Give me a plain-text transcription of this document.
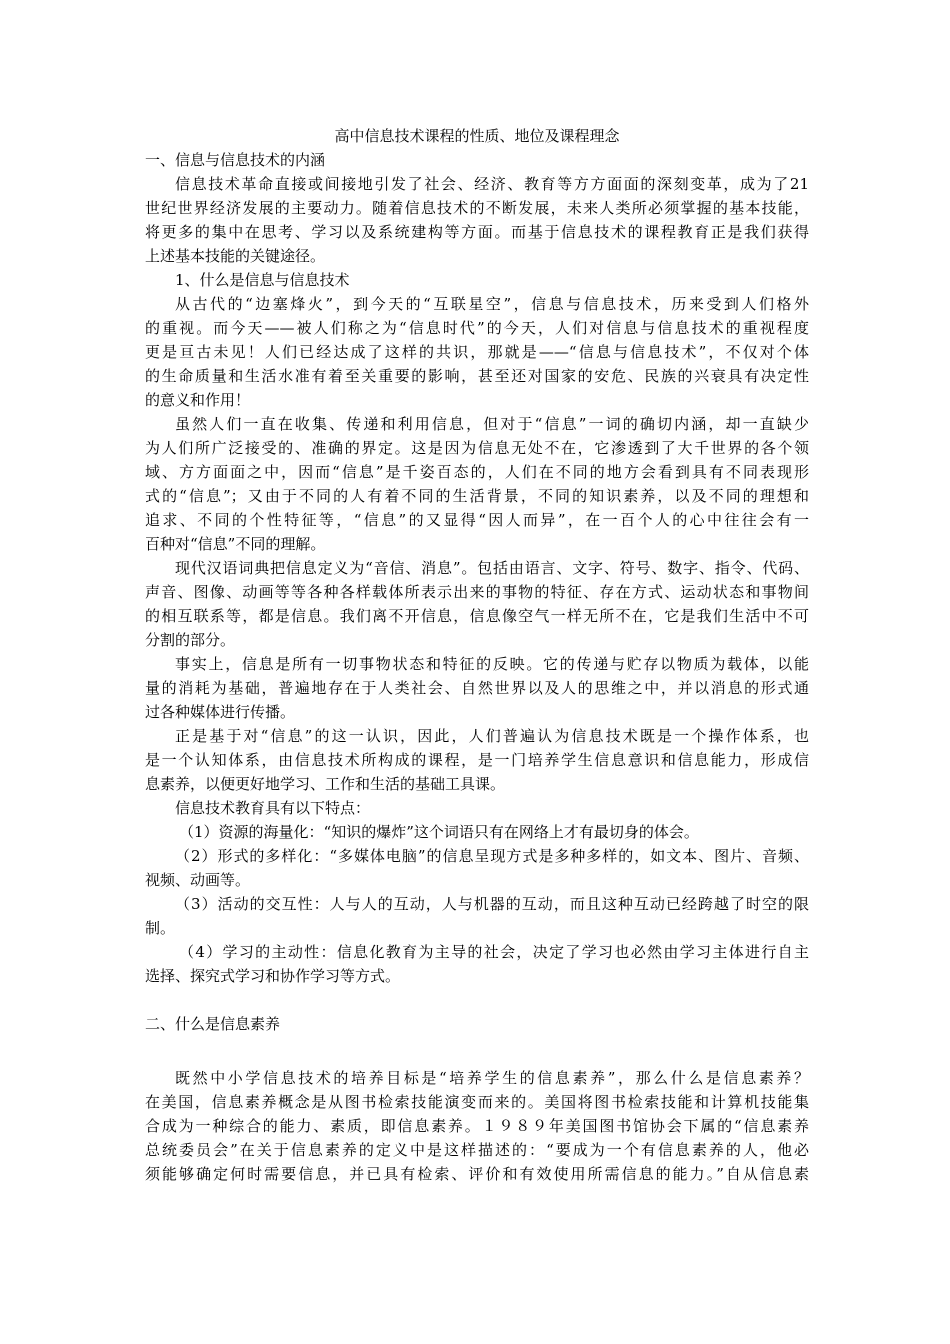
高中信息技术课程的性质、地位及课程理念
一、信息与信息技术的内涵
信息技术革命直接或间接地引发了社会、经济、教育等方方面面的深刻变革，成为了21
世纪世界经济发展的主要动力。随着信息技术的不断发展，未来人类所必须掌握的基本技能，
将更多的集中在思考、学习以及系统建构等方面。而基于信息技术的课程教育正是我们获得
上述基本技能的关键途径。
1、什么是信息与信息技术
从古代的“边塞烽火”，到今天的“互联星空”，信息与信息技术，历来受到人们格外
的重视。而今天——被人们称之为“信息时代”的今天，人们对信息与信息技术的重视程度
更是亘古未见！人们已经达成了这样的共识，那就是——“信息与信息技术”，不仅对个体
的生命质量和生活水准有着至关重要的影响，甚至还对国家的安危、民族的兴衰具有决定性
的意义和作用！
虽然人们一直在收集、传递和利用信息，但对于“信息”一词的确切内涵，却一直缺少
为人们所广泛接受的、准确的界定。这是因为信息无处不在，它渗透到了大千世界的各个领
域、方方面面之中，因而“信息”是千姿百态的，人们在不同的地方会看到具有不同表现形
式的“信息”；又由于不同的人有着不同的生活背景，不同的知识素养，以及不同的理想和
追求、不同的个性特征等，“信息”的又显得“因人而异”，在一百个人的心中往往会有一
百种对“信息”不同的理解。
现代汉语词典把信息定义为“音信、消息”。包括由语言、文字、符号、数字、指令、代码、
声音、图像、动画等等各种各样载体所表示出来的事物的特征、存在方式、运动状态和事物间
的相互联系等，都是信息。我们离不开信息，信息像空气一样无所不在，它是我们生活中不可
分割的部分。
事实上，信息是所有一切事物状态和特征的反映。它的传递与贮存以物质为载体，以能
量的消耗为基础，普遍地存在于人类社会、自然世界以及人的思维之中，并以消息的形式通
过各种媒体进行传播。
正是基于对“信息”的这一认识，因此，人们普遍认为信息技术既是一个操作体系，也
是一个认知体系，由信息技术所构成的课程，是一门培养学生信息意识和信息能力，形成信
息素养，以便更好地学习、工作和生活的基础工具课。
信息技术教育具有以下特点：
（1）资源的海量化：“知识的爆炸”这个词语只有在网络上才有最切身的体会。
（2）形式的多样化：“多媒体电脑”的信息呈现方式是多种多样的，如文本、图片、音频、
视频、动画等。
（3）活动的交互性：人与人的互动，人与机器的互动，而且这种互动已经跨越了时空的限
制。
（4）学习的主动性：信息化教育为主导的社会，决定了学习也必然由学习主体进行自主
选择、探究式学习和协作学习等方式。
二、什么是信息素养
既然中小学信息技术的培养目标是“培养学生的信息素养”，那么什么是信息素养？
在美国，信息素养概念是从图书检索技能演变而来的。美国将图书检索技能和计算机技能集
合成为一种综合的能力、素质，即信息素养。１９８９年美国图书馆协会下属的“信息素养
总统委员会”在关于信息素养的定义中是这样描述的：“要成为一个有信息素养的人，他必
须能够确定何时需要信息，并已具有检索、评价和有效使用所需信息的能力。”自从信息素
